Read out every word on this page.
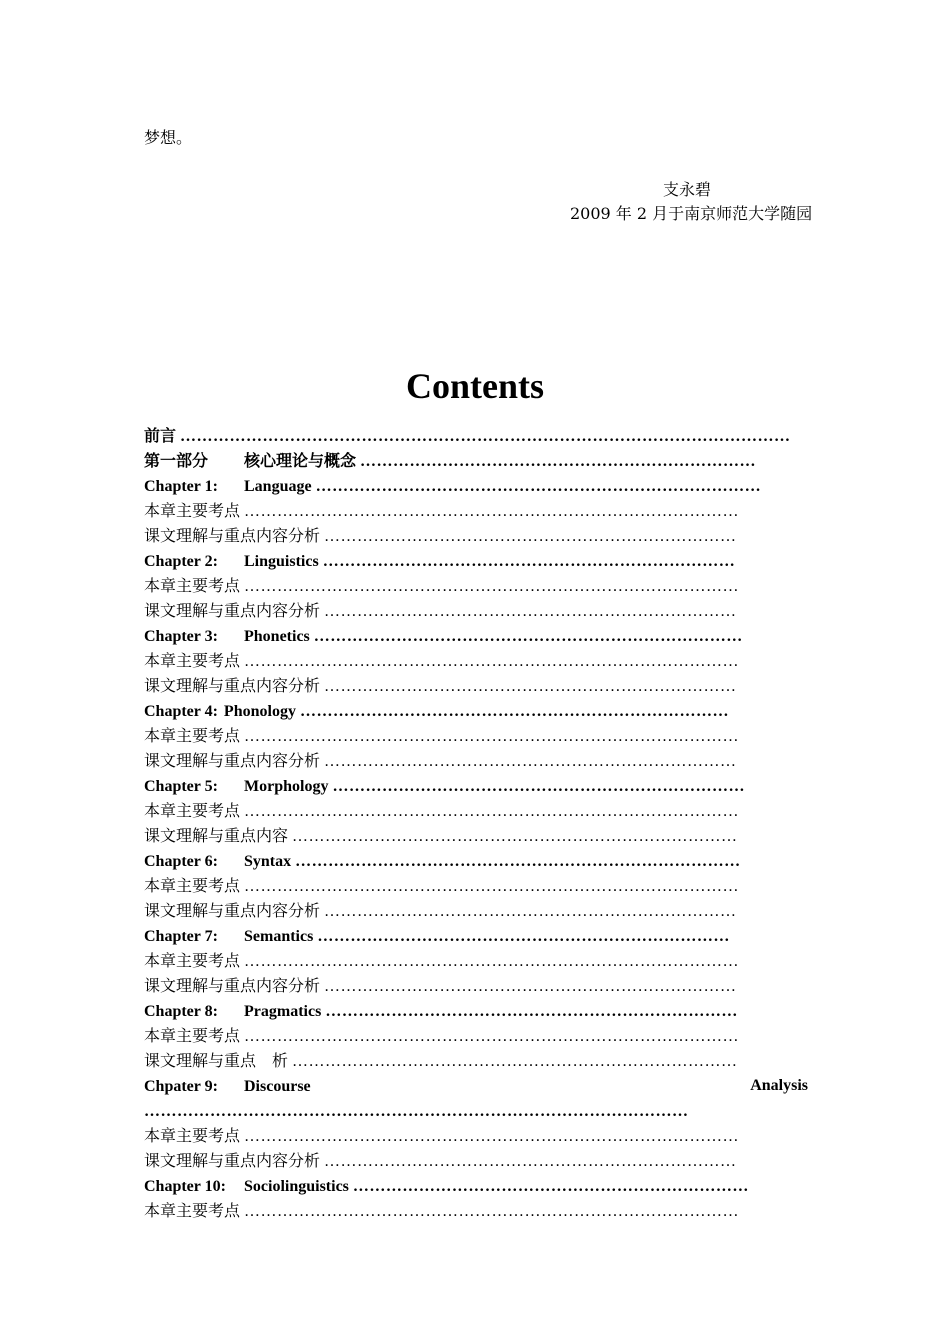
梦想。
支永碧
2009 年 2 月于南京师范大学随园
Contents
前言 …………………………………………………………………………………………………
第一部分 核心理论与概念 ………………………………………………………………
Chapter 1: Language ………………………………………………………………………
本章主要考点 ………………………………………………………………………………
课文理解与重点内容分析 …………………………………………………………………
Chapter 2: Linguistics …………………………………………………………………
本章主要考点 ………………………………………………………………………………
课文理解与重点内容分析 …………………………………………………………………
Chapter 3: Phonetics ……………………………………………………………………
本章主要考点 ………………………………………………………………………………
课文理解与重点内容分析 …………………………………………………………………
Chapter 4: Phonology ……………………………………………………………………
本章主要考点 ………………………………………………………………………………
课文理解与重点内容分析 …………………………………………………………………
Chapter 5: Morphology …………………………………………………………………
本章主要考点 ………………………………………………………………………………
课文理解与重点内容 ………………………………………………………………………
Chapter 6: Syntax ………………………………………………………………………
本章主要考点 ………………………………………………………………………………
课文理解与重点内容分析 …………………………………………………………………
Chapter 7: Semantics …………………………………………………………………
本章主要考点 ………………………………………………………………………………
课文理解与重点内容分析 …………………………………………………………………
Chapter 8: Pragmatics …………………………………………………………………
本章主要考点 ………………………………………………………………………………
课文理解与重点　析 ………………………………………………………………………
Chpater 9: Discourse	Analysis
………………………………………………………………………………………
本章主要考点 ………………………………………………………………………………
课文理解与重点内容分析 …………………………………………………………………
Chapter 10: Sociolinguistics ………………………………………………………………
本章主要考点 ………………………………………………………………………………
